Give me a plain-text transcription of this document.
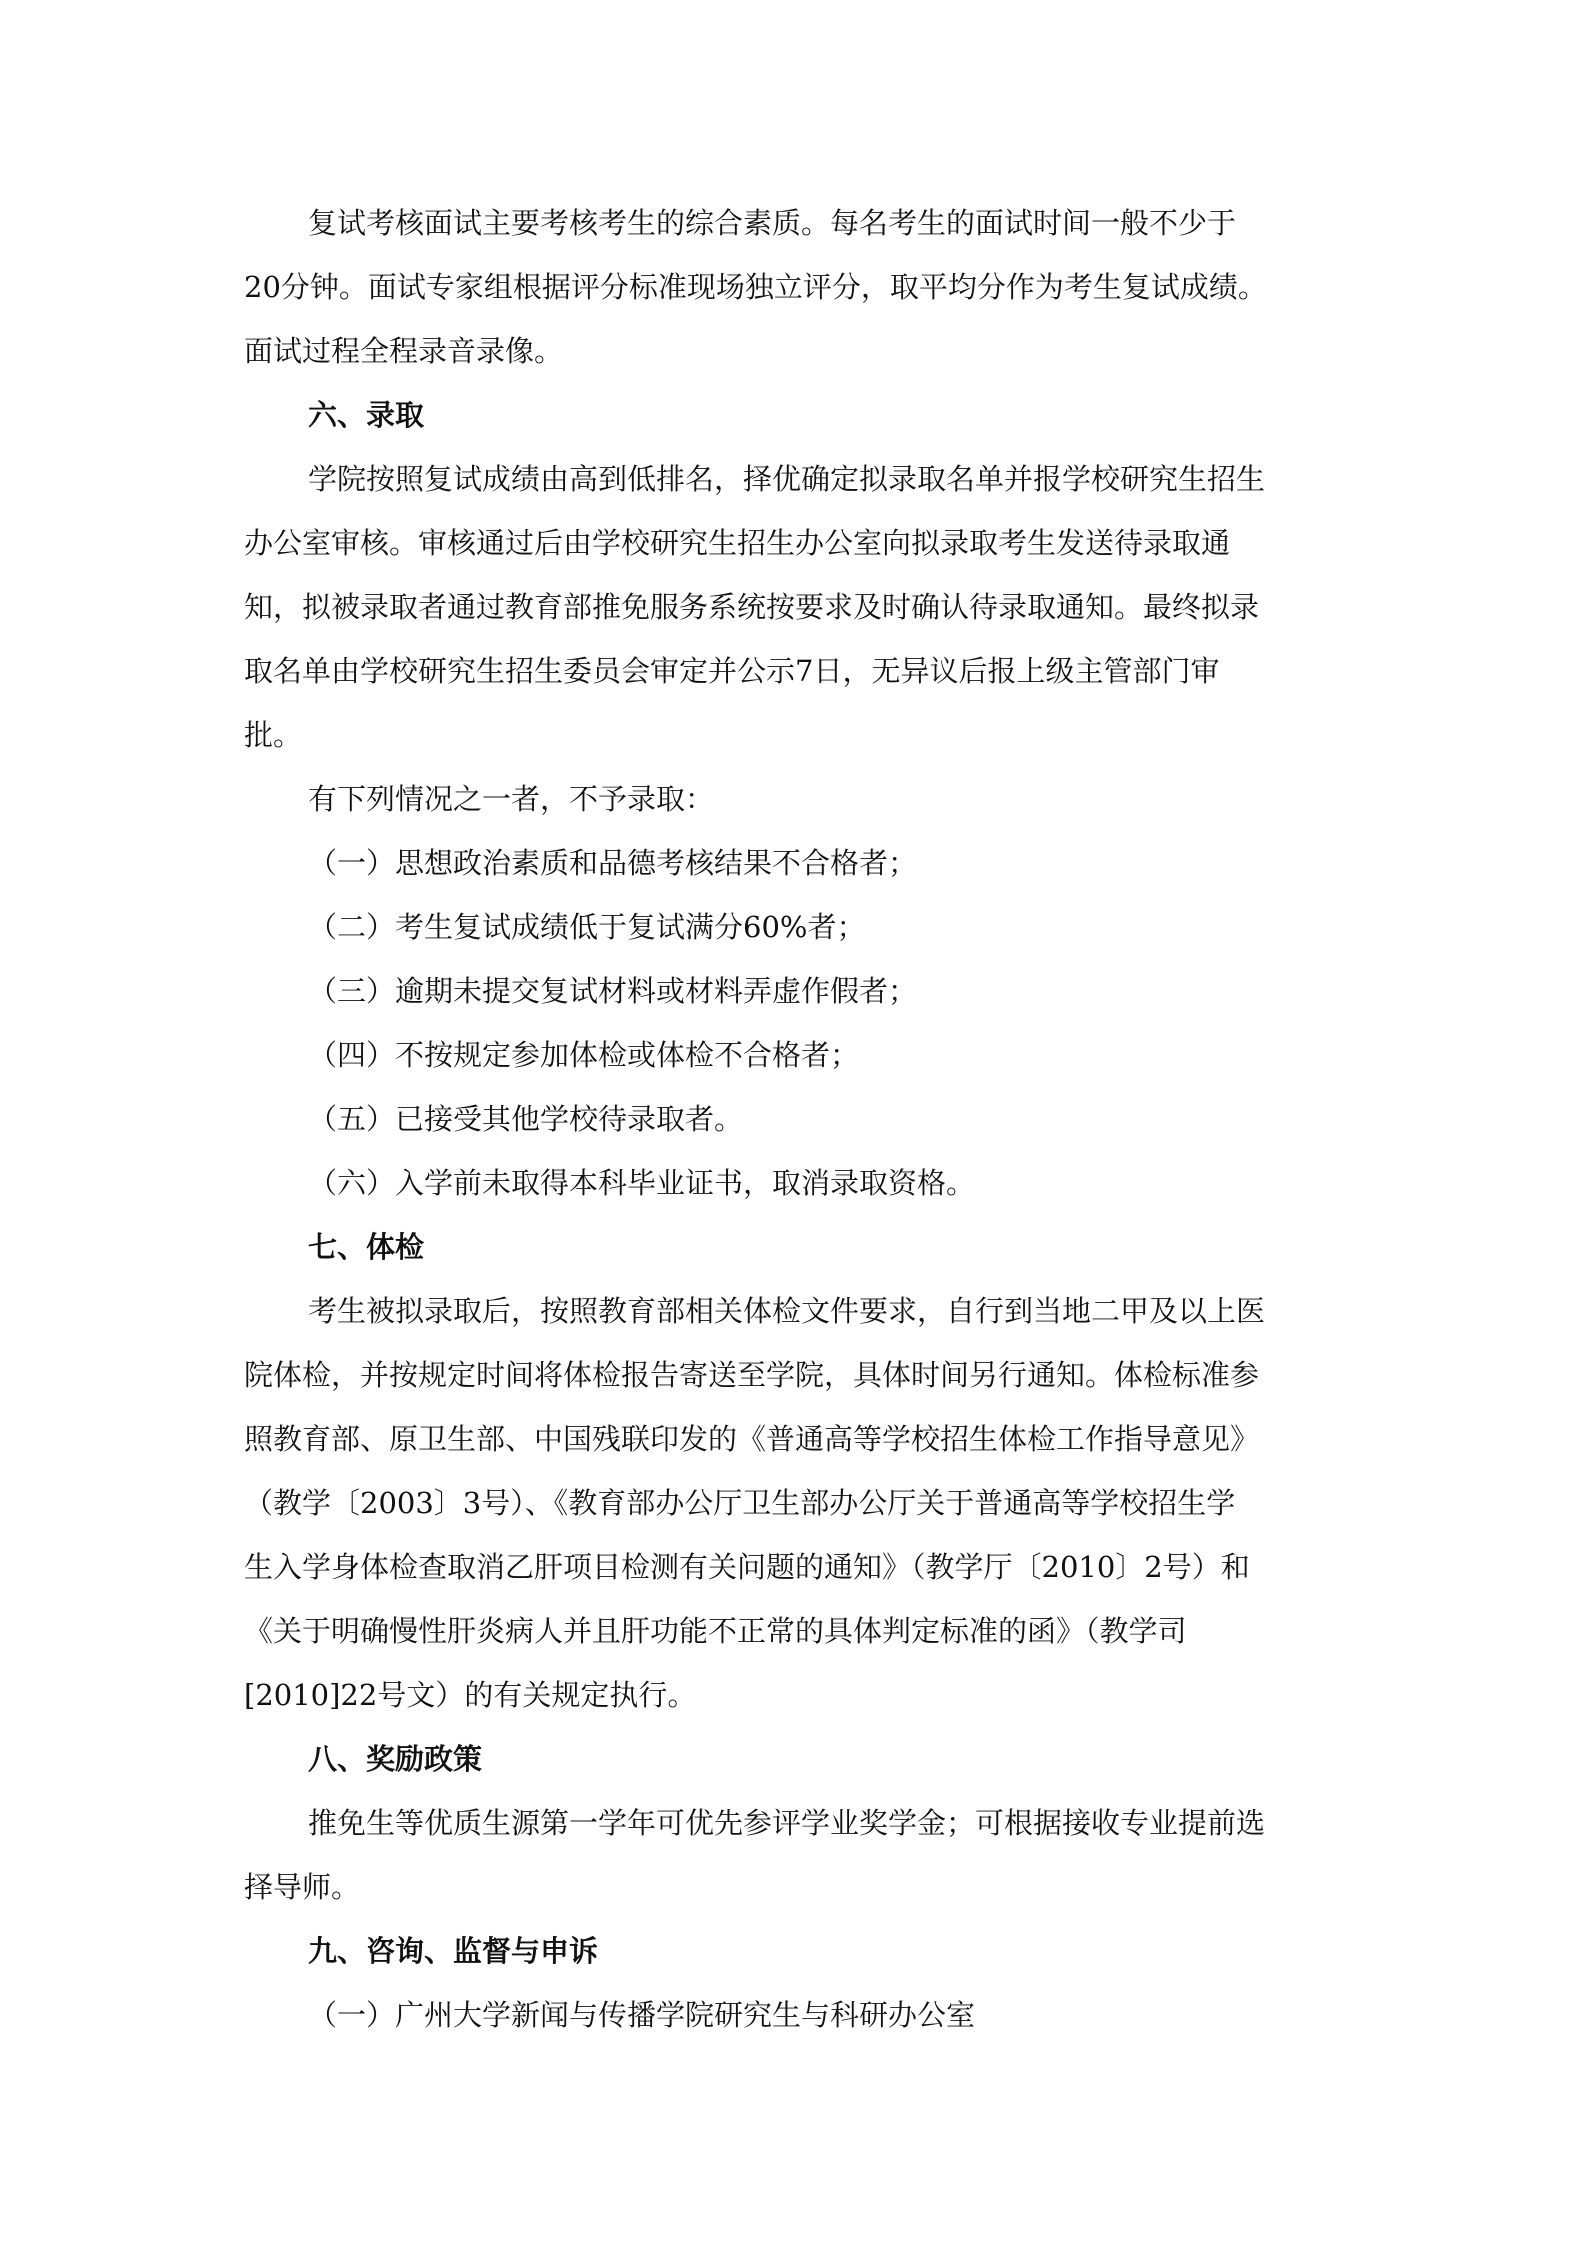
复试考核面试主要考核考生的综合素质。每名考生的面试时间一般不少于
20分钟。面试专家组根据评分标准现场独立评分，取平均分作为考生复试成绩。
面试过程全程录音录像。
六、录取
学院按照复试成绩由高到低排名，择优确定拟录取名单并报学校研究生招生
办公室审核。审核通过后由学校研究生招生办公室向拟录取考生发送待录取通
知，拟被录取者通过教育部推免服务系统按要求及时确认待录取通知。最终拟录
取名单由学校研究生招生委员会审定并公示7日，无异议后报上级主管部门审
批。
有下列情况之一者，不予录取：
（一）思想政治素质和品德考核结果不合格者；
（二）考生复试成绩低于复试满分60%者；
（三）逾期未提交复试材料或材料弄虚作假者；
（四）不按规定参加体检或体检不合格者；
（五）已接受其他学校待录取者。
（六）入学前未取得本科毕业证书，取消录取资格。
七、体检
考生被拟录取后，按照教育部相关体检文件要求，自行到当地二甲及以上医
院体检，并按规定时间将体检报告寄送至学院，具体时间另行通知。体检标准参
照教育部、原卫生部、中国残联印发的《普通高等学校招生体检工作指导意见》
（教学〔2003〕3号）、《教育部办公厅卫生部办公厅关于普通高等学校招生学
生入学身体检查取消乙肝项目检测有关问题的通知》（教学厅〔2010〕2号）和
《关于明确慢性肝炎病人并且肝功能不正常的具体判定标准的函》（教学司
[2010]22号文）的有关规定执行。
八、奖励政策
推免生等优质生源第一学年可优先参评学业奖学金；可根据接收专业提前选
择导师。
九、咨询、监督与申诉
（一）广州大学新闻与传播学院研究生与科研办公室
